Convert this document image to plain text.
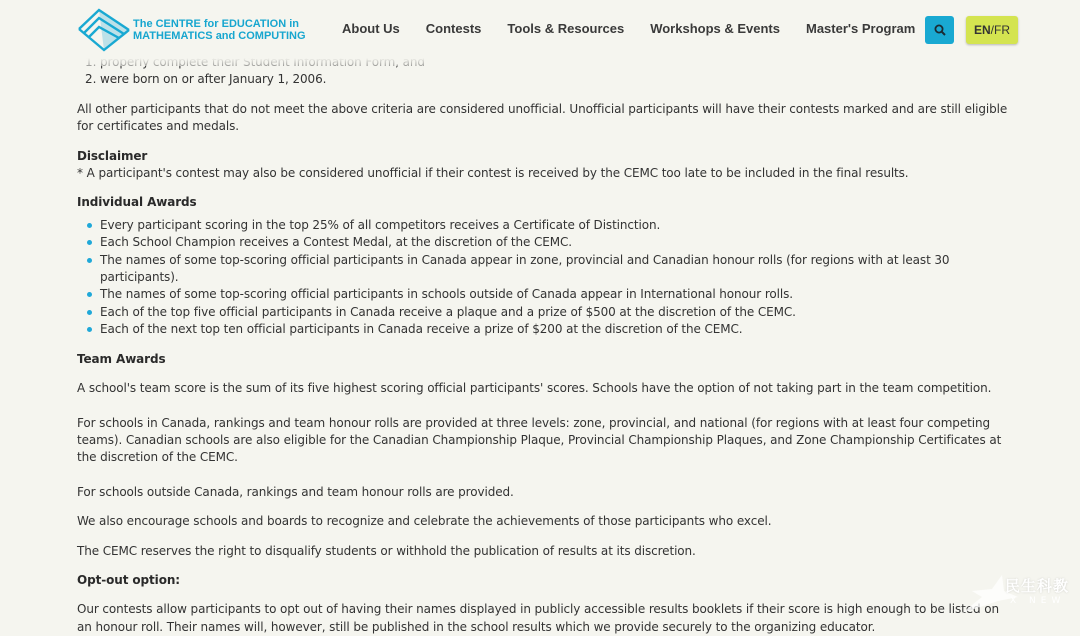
1.
2. were born on or after January 1, 2006.

All other participants that do not meet the above criteria are considered unofficial. Unofficial participants will have their contests marked and are still eligible for certificates and medals.

Disclaimer

* A participant's contest may also be considered unofficial if their contest is received by the CEMC too late to be included in the final results.

Individual Awards

Every participant scoring in the top 25% of all competitors receives a Certificate of Distinction.
Each School Champion receives a Contest Medal, at the discretion of the CEMC.
The names of some top-scoring official participants in Canada appear in zone, provincial and Canadian honour rolls (for regions with at least 30 participants).
The names of some top-scoring official participants in schools outside of Canada appear in International honour rolls.
Each of the top five official participants in Canada receive a plaque and a prize of $500 at the discretion of the CEMC.
Each of the next top ten official participants in Canada receive a prize of $200 at the discretion of the CEMC.

Team Awards

A school's team score is the sum of its five highest scoring official participants' scores. Schools have the option of not taking part in the team competition.

For schools in Canada, rankings and team honour rolls are provided at three levels: zone, provincial, and national (for regions with at least four competing teams). Canadian schools are also eligible for the Canadian Championship Plaque, Provincial Championship Plaques, and Zone Championship Certificates at the discretion of the CEMC.

For schools outside Canada, rankings and team honour rolls are provided.

We also encourage schools and boards to recognize and celebrate the achievements of those participants who excel.

The CEMC reserves the right to disqualify students or withhold the publication of results at its discretion.

Opt-out option:

Our contests allow participants to opt out of having their names displayed in publicly accessible results booklets if their score is high enough to be listed on an honour roll. Their names will, however, still be published in the school results which we provide securely to the organizing educator.

The CENTRE for EDUCATION in
MATHEMATICS and COMPUTING	About Us Contests Tools & Resources Workshops & Events Master's Program	EN / FR
民生科教
X NEW
